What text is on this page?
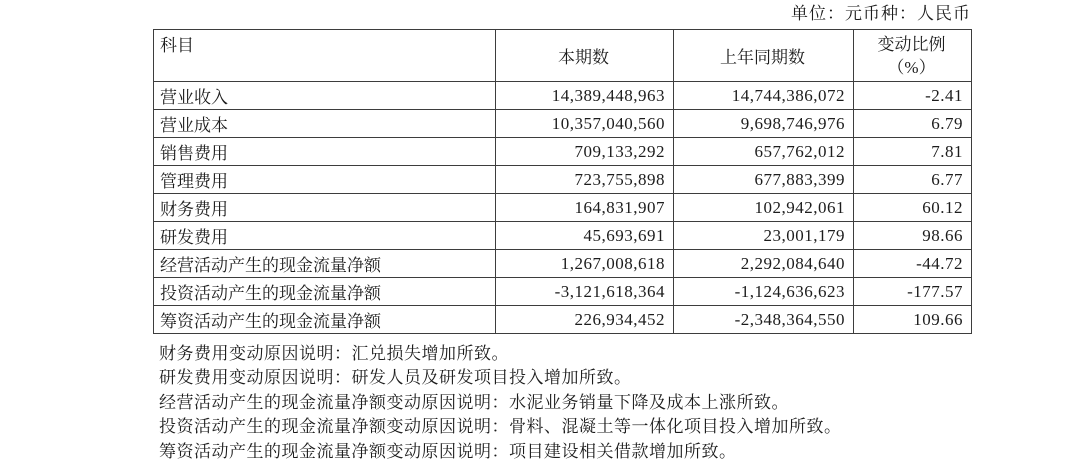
单位：元币种：人民币
科目	本期数	上年同期数	变动比例
（%）

营业收入	14,389,448,963	14,744,386,072	-2.41
营业成本	10,357,040,560	9,698,746,976	6.79
销售费用	709,133,292	657,762,012	7.81
管理费用	723,755,898	677,883,399	6.77
财务费用	164,831,907	102,942,061	60.12
研发费用	45,693,691	23,001,179	98.66
经营活动产生的现金流量净额	1,267,008,618	2,292,084,640	-44.72
投资活动产生的现金流量净额	-3,121,618,364	-1,124,636,623	-177.57
筹资活动产生的现金流量净额	226,934,452	-2,348,364,550	109.66
财务费用变动原因说明：汇兑损失增加所致。
研发费用变动原因说明：研发人员及研发项目投入增加所致。
经营活动产生的现金流量净额变动原因说明：水泥业务销量下降及成本上涨所致。
投资活动产生的现金流量净额变动原因说明：骨料、混凝土等一体化项目投入增加所致。
筹资活动产生的现金流量净额变动原因说明：项目建设相关借款增加所致。
